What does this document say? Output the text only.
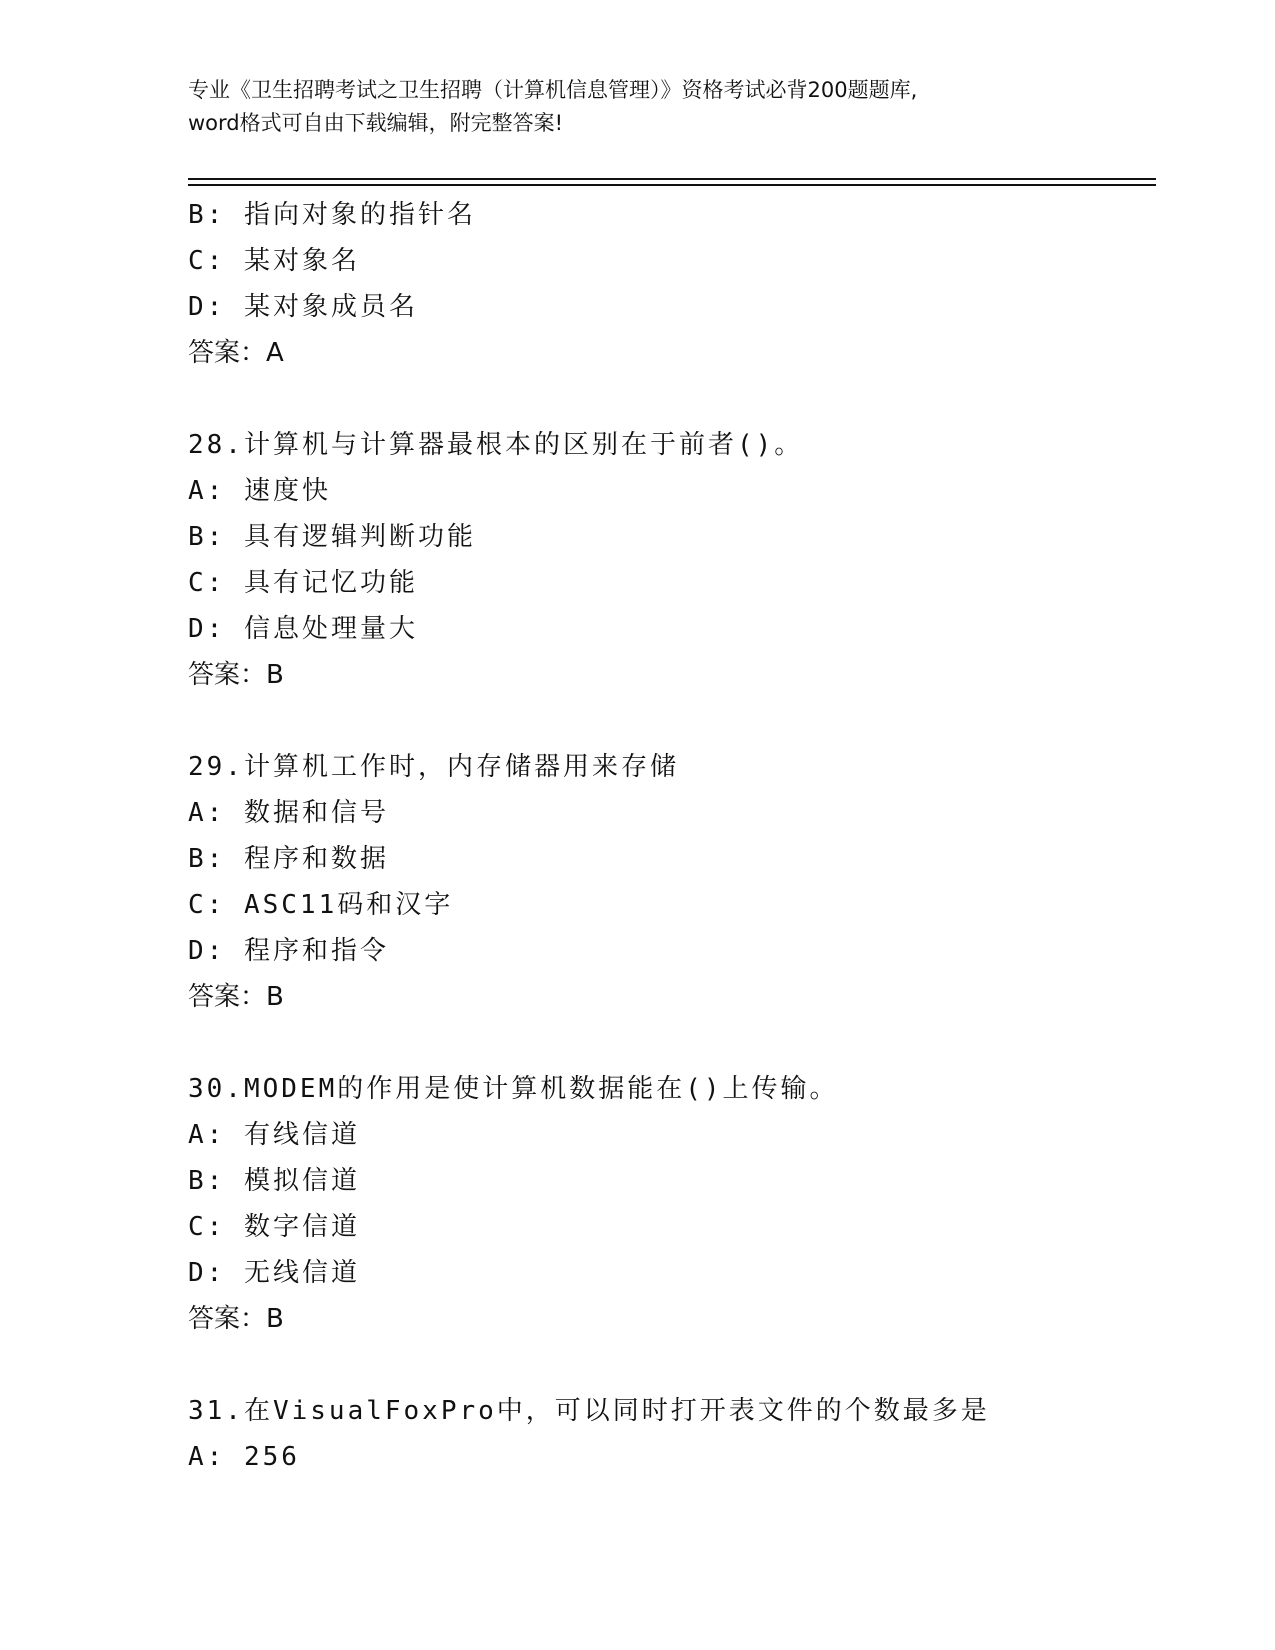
专业《卫生招聘考试之卫生招聘（计算机信息管理）》资格考试必背200题题库,
word格式可自由下载编辑，附完整答案!
B: 指向对象的指针名
C: 某对象名
D: 某对象成员名
答案：A
28.计算机与计算器最根本的区别在于前者()。
A: 速度快
B: 具有逻辑判断功能
C: 具有记忆功能
D: 信息处理量大
答案：B
29.计算机工作时，内存储器用来存储
A: 数据和信号
B: 程序和数据
C: ASC11码和汉字
D: 程序和指令
答案：B
30.MODEM的作用是使计算机数据能在()上传输。
A: 有线信道
B: 模拟信道
C: 数字信道
D: 无线信道
答案：B
31.在VisualFoxPro中，可以同时打开表文件的个数最多是
A: 256
